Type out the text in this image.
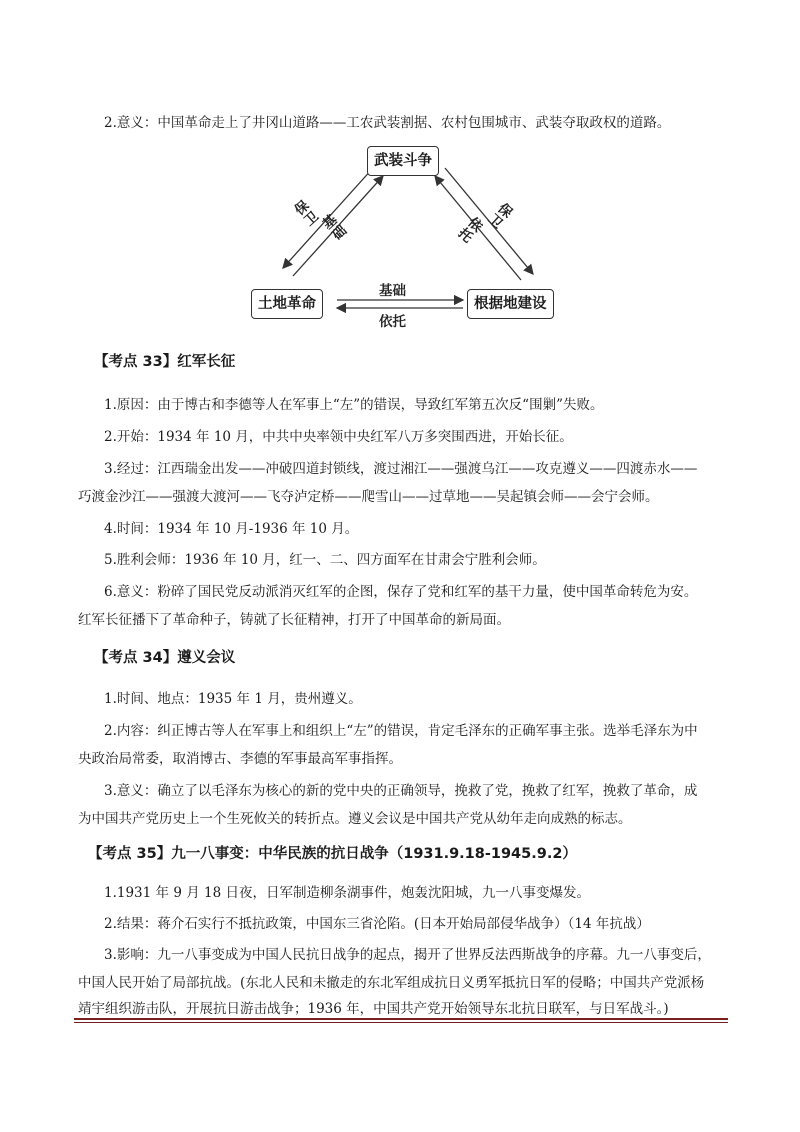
2.意义：中国革命走上了井冈山道路——工农武装割据、农村包围城市、武装夺取政权的道路。

武装斗争
土地革命	根据地建设
保卫
基础	依托
保卫
基础
依托
【考点 33】红军长征

1.原因：由于博古和李德等人在军事上“左”的错误，导致红军第五次反“围剿”失败。

2.开始：1934 年 10 月，中共中央率领中央红军八万多突围西进，开始长征。

3.经过：江西瑞金出发——冲破四道封锁线，渡过湘江——强渡乌江——攻克遵义——四渡赤水——

巧渡金沙江——强渡大渡河——飞夺泸定桥——爬雪山——过草地——吴起镇会师——会宁会师。

4.时间：1934 年 10 月-1936 年 10 月。

5.胜利会师：1936 年 10 月，红一、二、四方面军在甘肃会宁胜利会师。

6.意义：粉碎了国民党反动派消灭红军的企图，保存了党和红军的基干力量，使中国革命转危为安。

红军长征播下了革命种子，铸就了长征精神，打开了中国革命的新局面。

【考点 34】遵义会议

1.时间、地点：1935 年 1 月，贵州遵义。

2.内容：纠正博古等人在军事上和组织上“左”的错误，肯定毛泽东的正确军事主张。选举毛泽东为中

央政治局常委，取消博古、李德的军事最高军事指挥。

3.意义：确立了以毛泽东为核心的新的党中央的正确领导，挽救了党，挽救了红军，挽救了革命，成

为中国共产党历史上一个生死攸关的转折点。遵义会议是中国共产党从幼年走向成熟的标志。

【考点 35】九一八事变：中华民族的抗日战争（1931.9.18-1945.9.2）

1.1931 年 9 月 18 日夜，日军制造柳条湖事件，炮轰沈阳城，九一八事变爆发。

2.结果：蒋介石实行不抵抗政策，中国东三省沦陷。(日本开始局部侵华战争）（14 年抗战）

3.影响：九一八事变成为中国人民抗日战争的起点，揭开了世界反法西斯战争的序幕。九一八事变后，

中国人民开始了局部抗战。(东北人民和未撤走的东北军组成抗日义勇军抵抗日军的侵略；中国共产党派杨

靖宇组织游击队，开展抗日游击战争；1936 年，中国共产党开始领导东北抗日联军，与日军战斗。)
